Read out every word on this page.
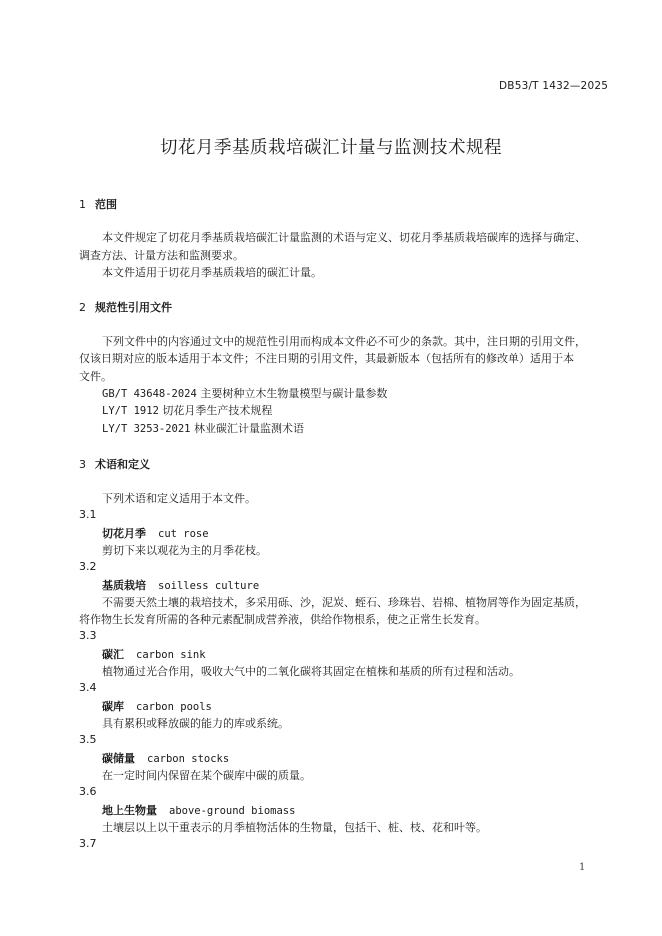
DB53/T 1432—2025
切花月季基质栽培碳汇计量与监测技术规程
1 范围
本文件规定了切花月季基质栽培碳汇计量监测的术语与定义、切花月季基质栽培碳库的选择与确定、
调查方法、计量方法和监测要求。
本文件适用于切花月季基质栽培的碳汇计量。
2 规范性引用文件
下列文件中的内容通过文中的规范性引用而构成本文件必不可少的条款。其中，注日期的引用文件，
仅该日期对应的版本适用于本文件；不注日期的引用文件，其最新版本（包括所有的修改单）适用于本
文件。
GB/T 43648-2024 主要树种立木生物量模型与碳计量参数
LY/T 1912 切花月季生产技术规程
LY/T 3253-2021 林业碳汇计量监测术语
3 术语和定义
下列术语和定义适用于本文件。
3.1
切花月季 cut rose
剪切下来以观花为主的月季花枝。
3.2
基质栽培 soilless culture
不需要天然土壤的栽培技术，多采用砾、沙，泥炭、蛭石、珍珠岩、岩棉、植物屑等作为固定基质，
将作物生长发育所需的各种元素配制成营养液，供给作物根系，使之正常生长发育。
3.3
碳汇 carbon sink
植物通过光合作用，吸收大气中的二氧化碳将其固定在植株和基质的所有过程和活动。
3.4
碳库 carbon pools
具有累积或释放碳的能力的库或系统。
3.5
碳储量 carbon stocks
在一定时间内保留在某个碳库中碳的质量。
3.6
地上生物量 above-ground biomass
土壤层以上以干重表示的月季植物活体的生物量，包括干、桩、枝、花和叶等。
3.7
1
